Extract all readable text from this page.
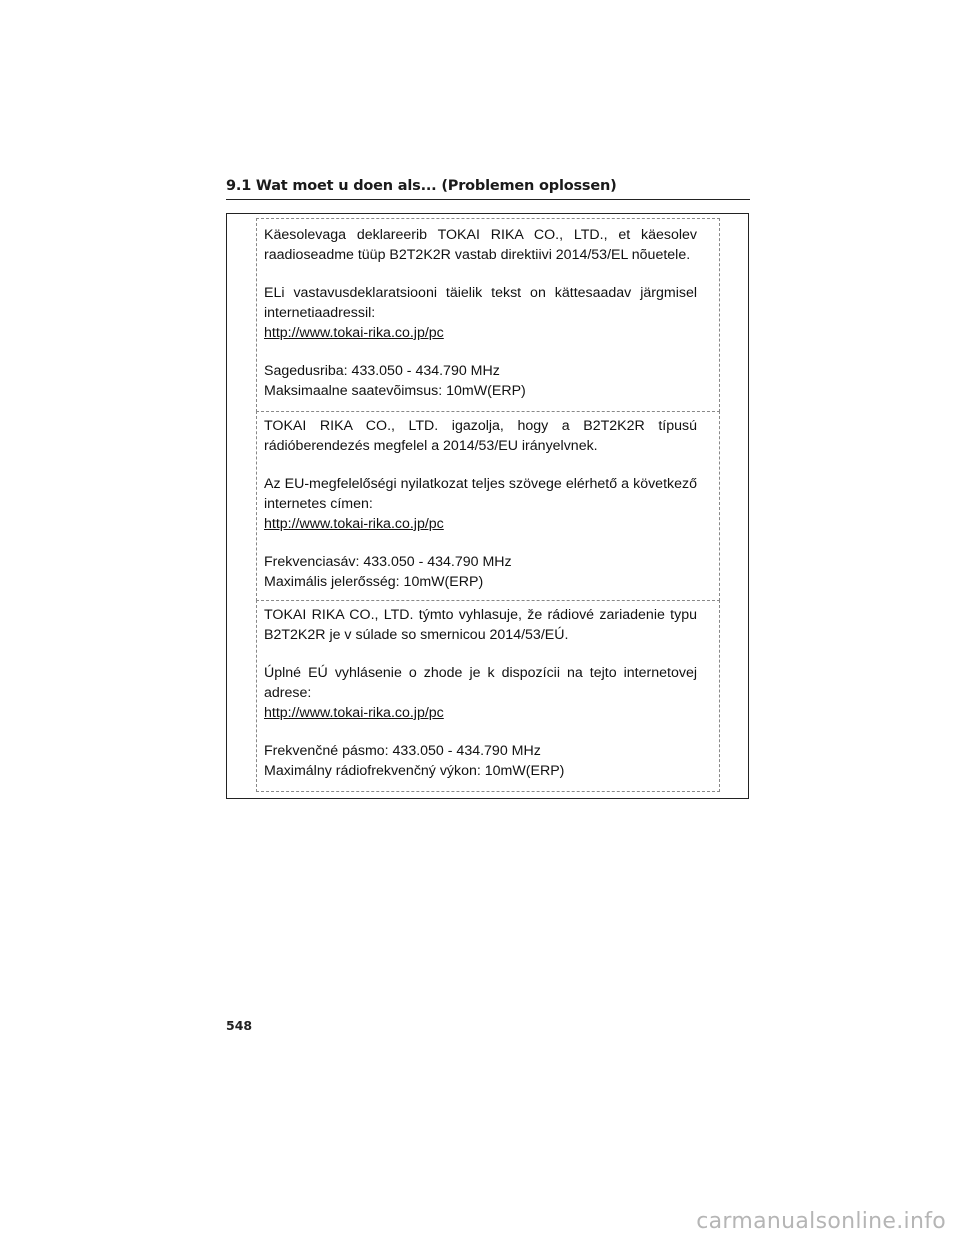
9.1 Wat moet u doen als... (Problemen oplossen)

Käesolevaga deklareerib TOKAI RIKA CO., LTD., et käesolev
raadioseadme tüüp B2T2K2R vastab direktiivi 2014/53/EL nõuetele.

ELi vastavusdeklaratsiooni täielik tekst on kättesaadav järgmisel
internetiaadressil:
http://www.tokai-rika.co.jp/pc

Sagedusriba: 433.050 - 434.790 MHz
Maksimaalne saatevõimsus: 10mW(ERP)

TOKAI RIKA CO., LTD. igazolja, hogy a B2T2K2R típusú
rádióberendezés megfelel a 2014/53/EU irányelvnek.

Az EU-megfelelőségi nyilatkozat teljes szövege elérhető a következő
internetes címen:
http://www.tokai-rika.co.jp/pc

Frekvenciasáv: 433.050 - 434.790 MHz
Maximális jelerősség: 10mW(ERP)

TOKAI RIKA CO., LTD. týmto vyhlasuje, že rádiové zariadenie typu
B2T2K2R je v súlade so smernicou 2014/53/EÚ.

Úplné EÚ vyhlásenie o zhode je k dispozícii na tejto internetovej
adrese:
http://www.tokai-rika.co.jp/pc

Frekvenčné pásmo: 433.050 - 434.790 MHz
Maximálny rádiofrekvenčný výkon: 10mW(ERP)

548
carmanualsonline.info
